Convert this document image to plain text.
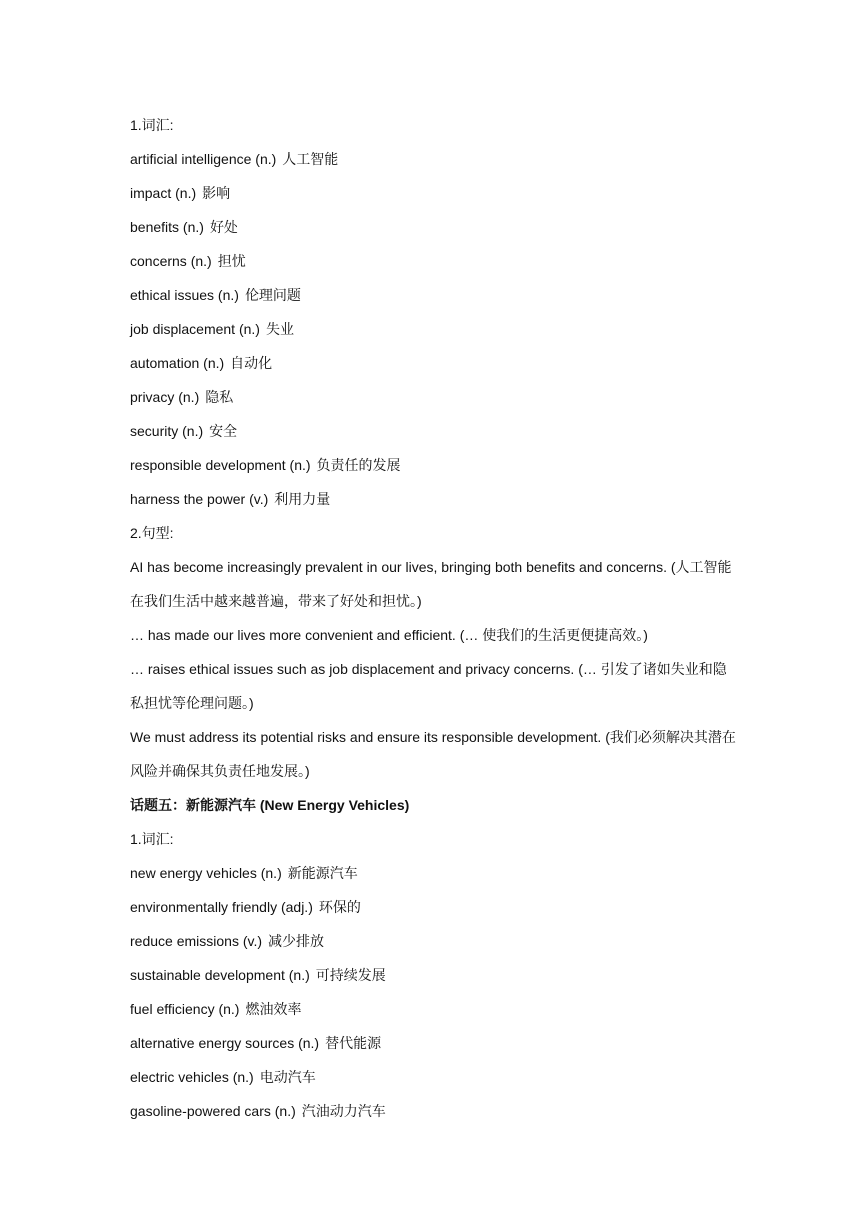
1.词汇:
artificial intelligence (n.) 人工智能
impact (n.) 影响
benefits (n.) 好处
concerns (n.) 担忧
ethical issues (n.) 伦理问题
job displacement (n.) 失业
automation (n.) 自动化
privacy (n.) 隐私
security (n.) 安全
responsible development (n.) 负责任的发展
harness the power (v.) 利用力量
2.句型:
AI has become increasingly prevalent in our lives, bringing both benefits and concerns. (人工智能在我们生活中越来越普遍，带来了好处和担忧。)
… has made our lives more convenient and efficient. (… 使我们的生活更便捷高效。)
… raises ethical issues such as job displacement and privacy concerns. (… 引发了诸如失业和隐私担忧等伦理问题。)
We must address its potential risks and ensure its responsible development. (我们必须解决其潜在风险并确保其负责任地发展。)
话题五：新能源汽车 (New Energy Vehicles)
1.词汇:
new energy vehicles (n.) 新能源汽车
environmentally friendly (adj.) 环保的
reduce emissions (v.) 减少排放
sustainable development (n.) 可持续发展
fuel efficiency (n.) 燃油效率
alternative energy sources (n.) 替代能源
electric vehicles (n.) 电动汽车
gasoline-powered cars (n.) 汽油动力汽车
